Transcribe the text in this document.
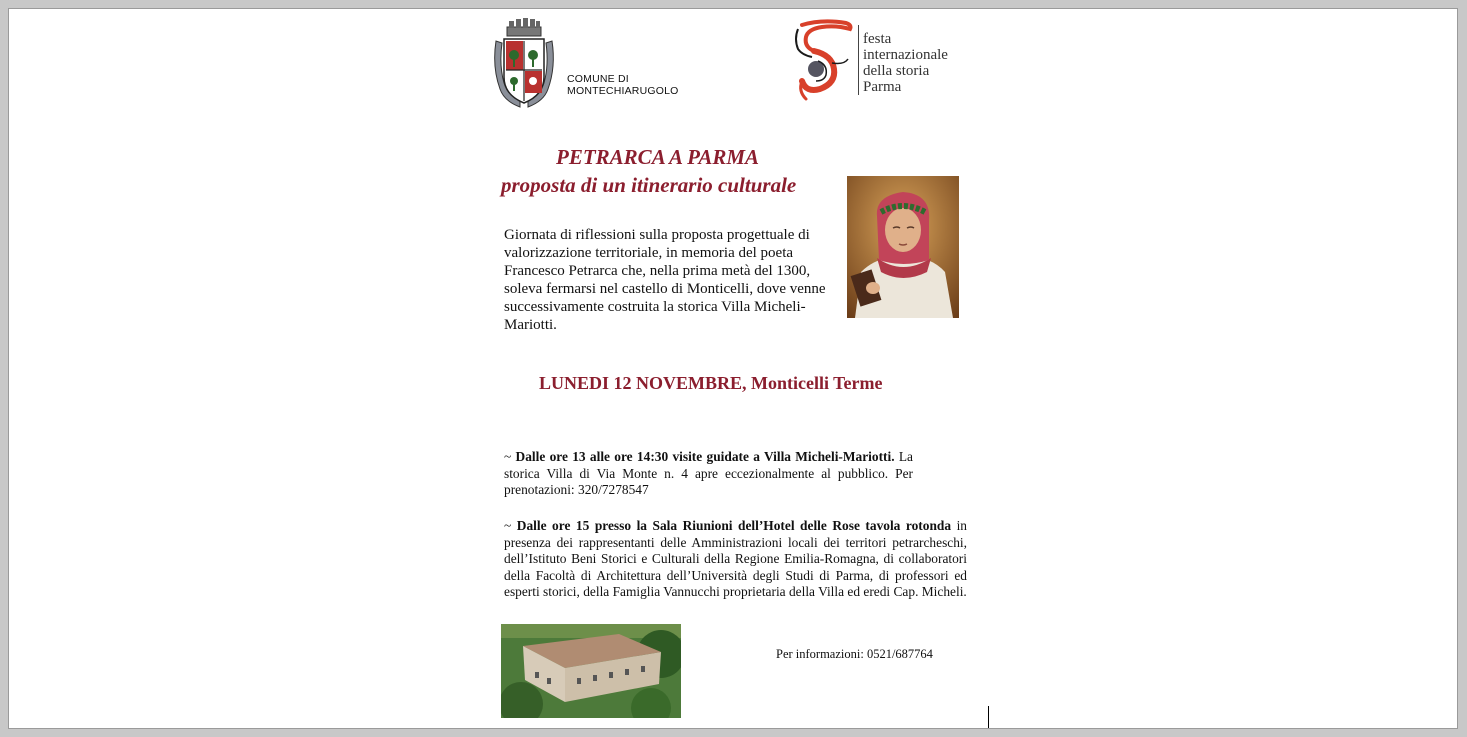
COMUNE DI
MONTECHIARUGOLO
festa
internazionale
della storia
Parma
PETRARCA A PARMA
proposta di un itinerario culturale
Giornata di riflessioni sulla proposta progettuale di valorizzazione territoriale, in memoria del poeta Francesco Petrarca che, nella prima metà del 1300, soleva fermarsi nel castello di Monticelli, dove venne successivamente costruita la storica Villa Micheli-Mariotti.
LUNEDI 12 NOVEMBRE, Monticelli Terme
~ Dalle ore 13 alle ore 14:30 visite guidate a Villa Micheli-Mariotti. La storica Villa di Via Monte n. 4 apre eccezionalmente al pubblico. Per prenotazioni: 320/7278547
~ Dalle ore 15 presso la Sala Riunioni dell’Hotel delle Rose tavola rotonda in presenza dei rappresentanti delle Amministrazioni locali dei territori petrarcheschi, dell’Istituto Beni Storici e Culturali della Regione Emilia-Romagna, di collaboratori della Facoltà di Architettura dell’Università degli Studi di Parma, di professori ed esperti storici, della Famiglia Vannucchi proprietaria della Villa ed eredi Cap. Micheli.
Per informazioni: 0521/687764
